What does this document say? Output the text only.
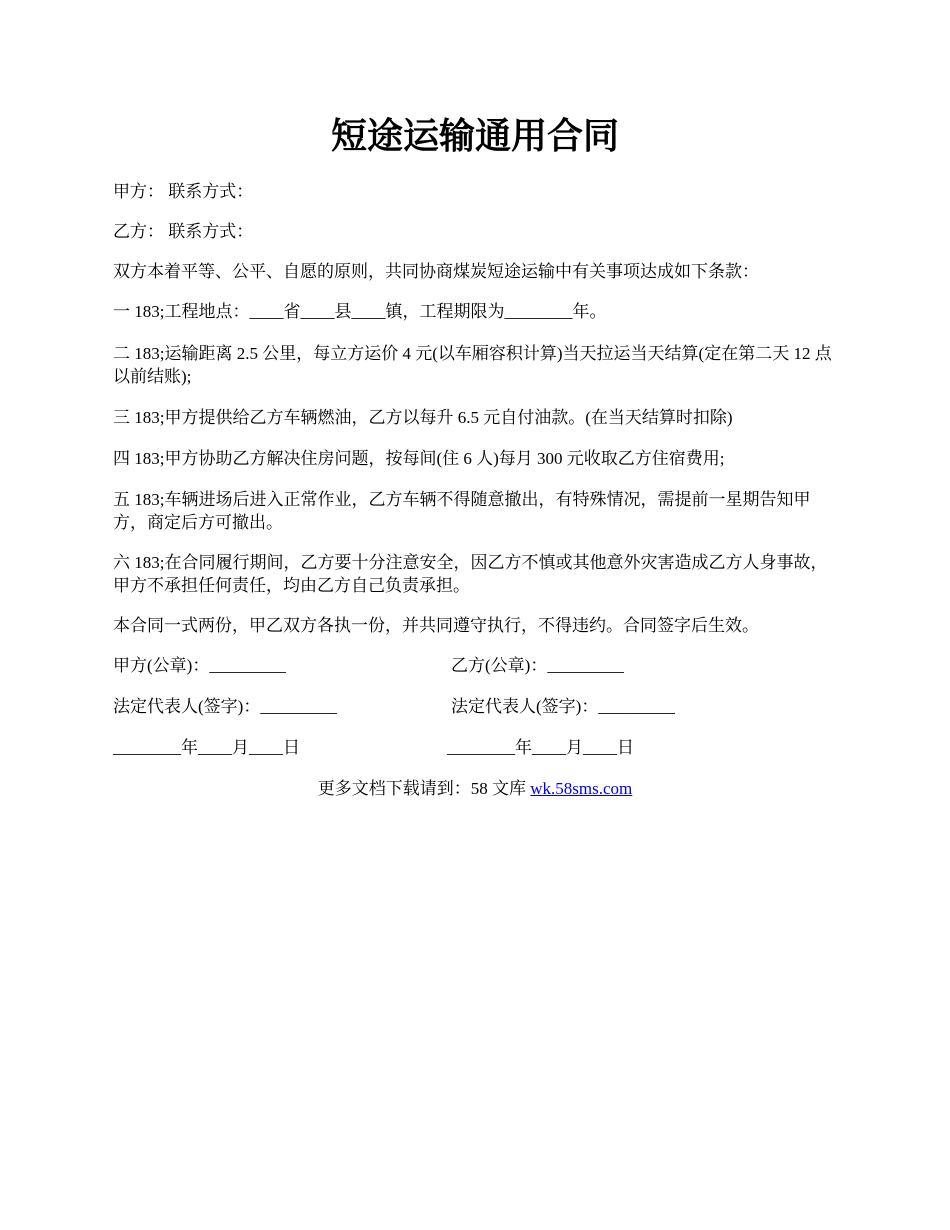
短途运输通用合同

甲方： 联系方式：

乙方： 联系方式：

双方本着平等、公平、自愿的原则，共同协商煤炭短途运输中有关事项达成如下条款：

一 183;工程地点：____省____县____镇，工程期限为________年。

二 183;运输距离 2.5 公里，每立方运价 4 元(以车厢容积计算)当天拉运当天结算(定在第二天 12 点以前结账);

三 183;甲方提供给乙方车辆燃油，乙方以每升 6.5 元自付油款。(在当天结算时扣除)

四 183;甲方协助乙方解决住房问题，按每间(住 6 人)每月 300 元收取乙方住宿费用;

五 183;车辆进场后进入正常作业，乙方车辆不得随意撤出，有特殊情况，需提前一星期告知甲方，商定后方可撤出。

六 183;在合同履行期间，乙方要十分注意安全，因乙方不慎或其他意外灾害造成乙方人身事故，甲方不承担任何责任，均由乙方自己负责承担。

本合同一式两份，甲乙双方各执一份，并共同遵守执行，不得违约。合同签字后生效。

甲方(公章)：_________	乙方(公章)：_________

法定代表人(签字)：_________	法定代表人(签字)：_________

________年____月____日	________年____月____日

更多文档下载请到：58 文库 wk.58sms.com
